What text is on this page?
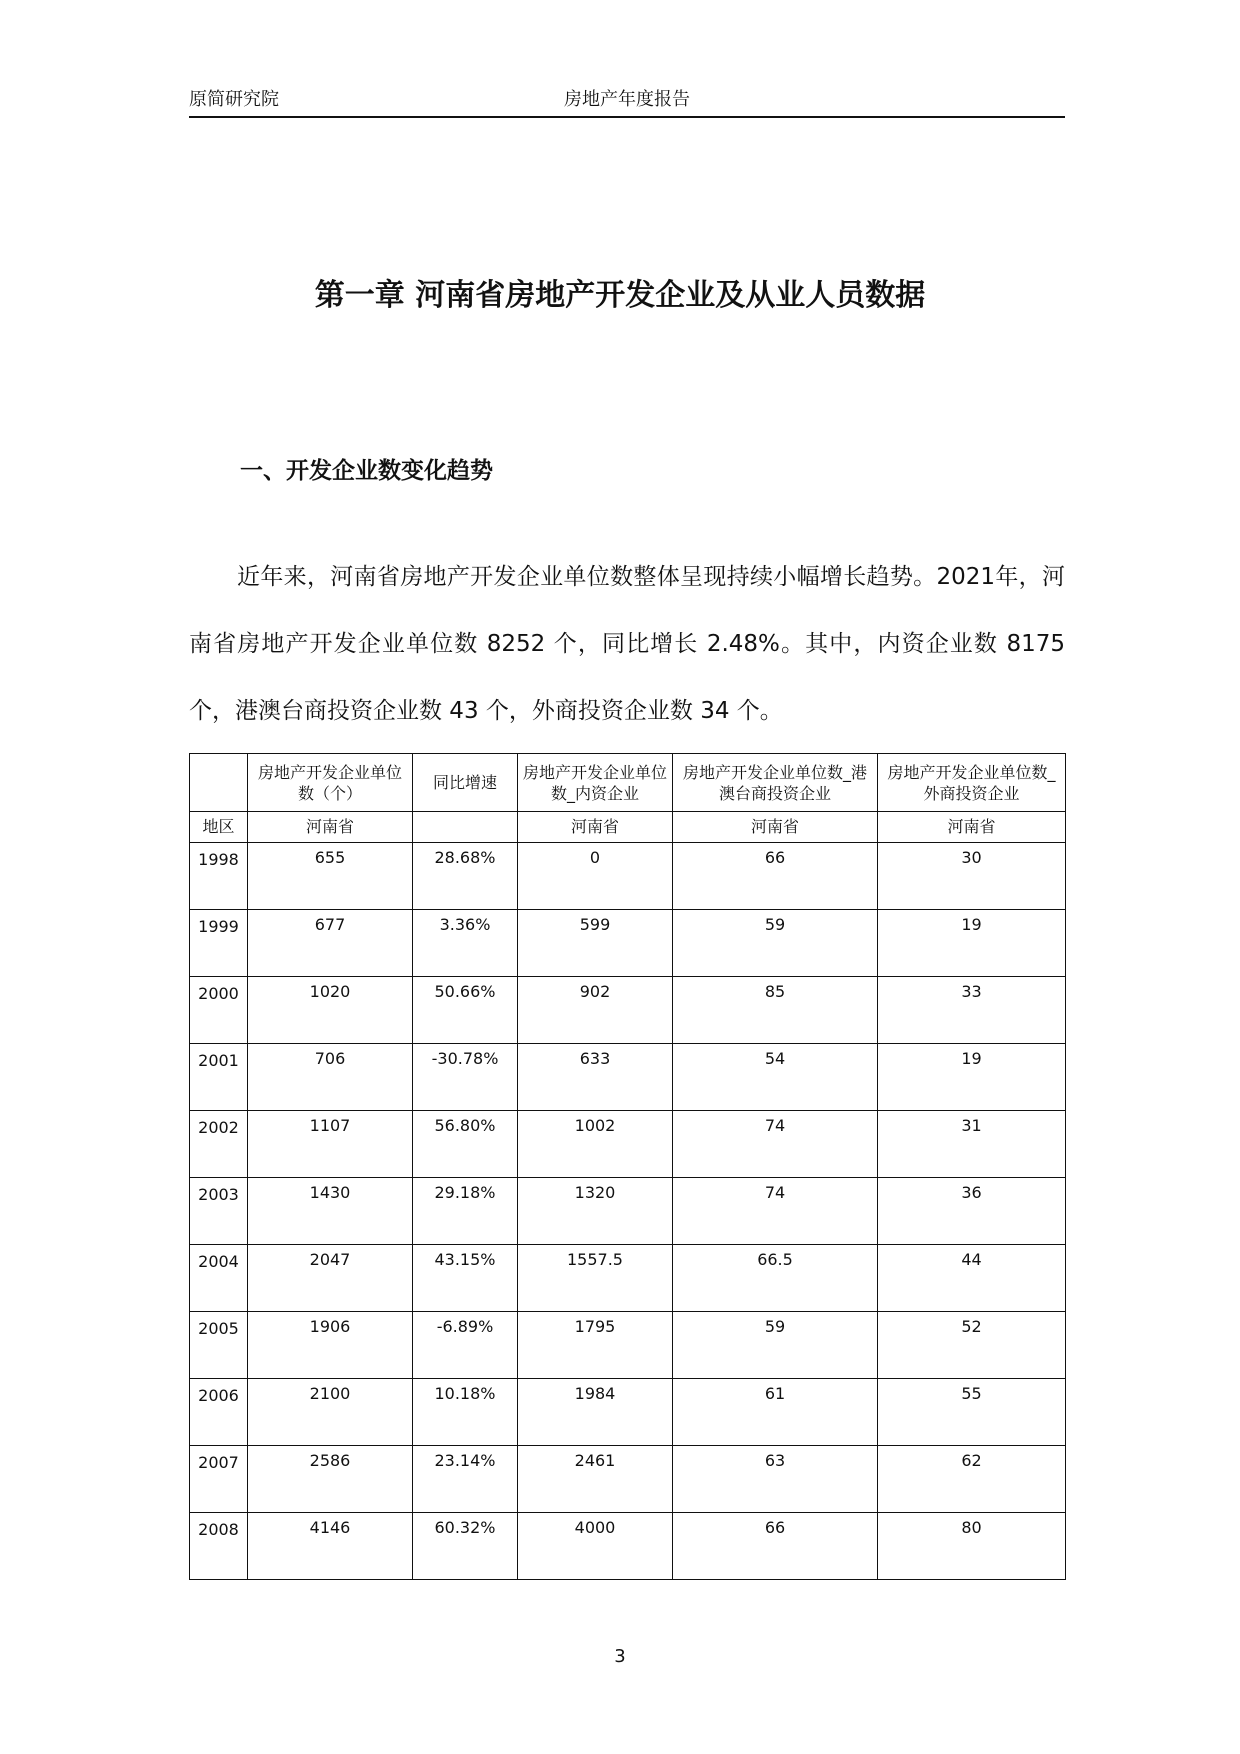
原简研究院	房地产年度报告
第一章 河南省房地产开发企业及从业人员数据
一、开发企业数变化趋势

近年来，河南省房地产开发企业单位数整体呈现持续小幅增长趋势。2021年，河南省房地产开发企业单位数 8252 个，同比增长 2.48%。其中，内资企业数 8175 个，港澳台商投资企业数 43 个，外商投资企业数 34 个。

	房地产开发企业单位数（个）	同比增速	房地产开发企业单位数_内资企业	房地产开发企业单位数_港澳台商投资企业	房地产开发企业单位数_外商投资企业
地区	河南省		河南省	河南省	河南省
1998	655	28.68%	0	66	30
1999	677	3.36%	599	59	19
2000	1020	50.66%	902	85	33
2001	706	-30.78%	633	54	19
2002	1107	56.80%	1002	74	31
2003	1430	29.18%	1320	74	36
2004	2047	43.15%	1557.5	66.5	44
2005	1906	-6.89%	1795	59	52
2006	2100	10.18%	1984	61	55
2007	2586	23.14%	2461	63	62
2008	4146	60.32%	4000	66	80
3
